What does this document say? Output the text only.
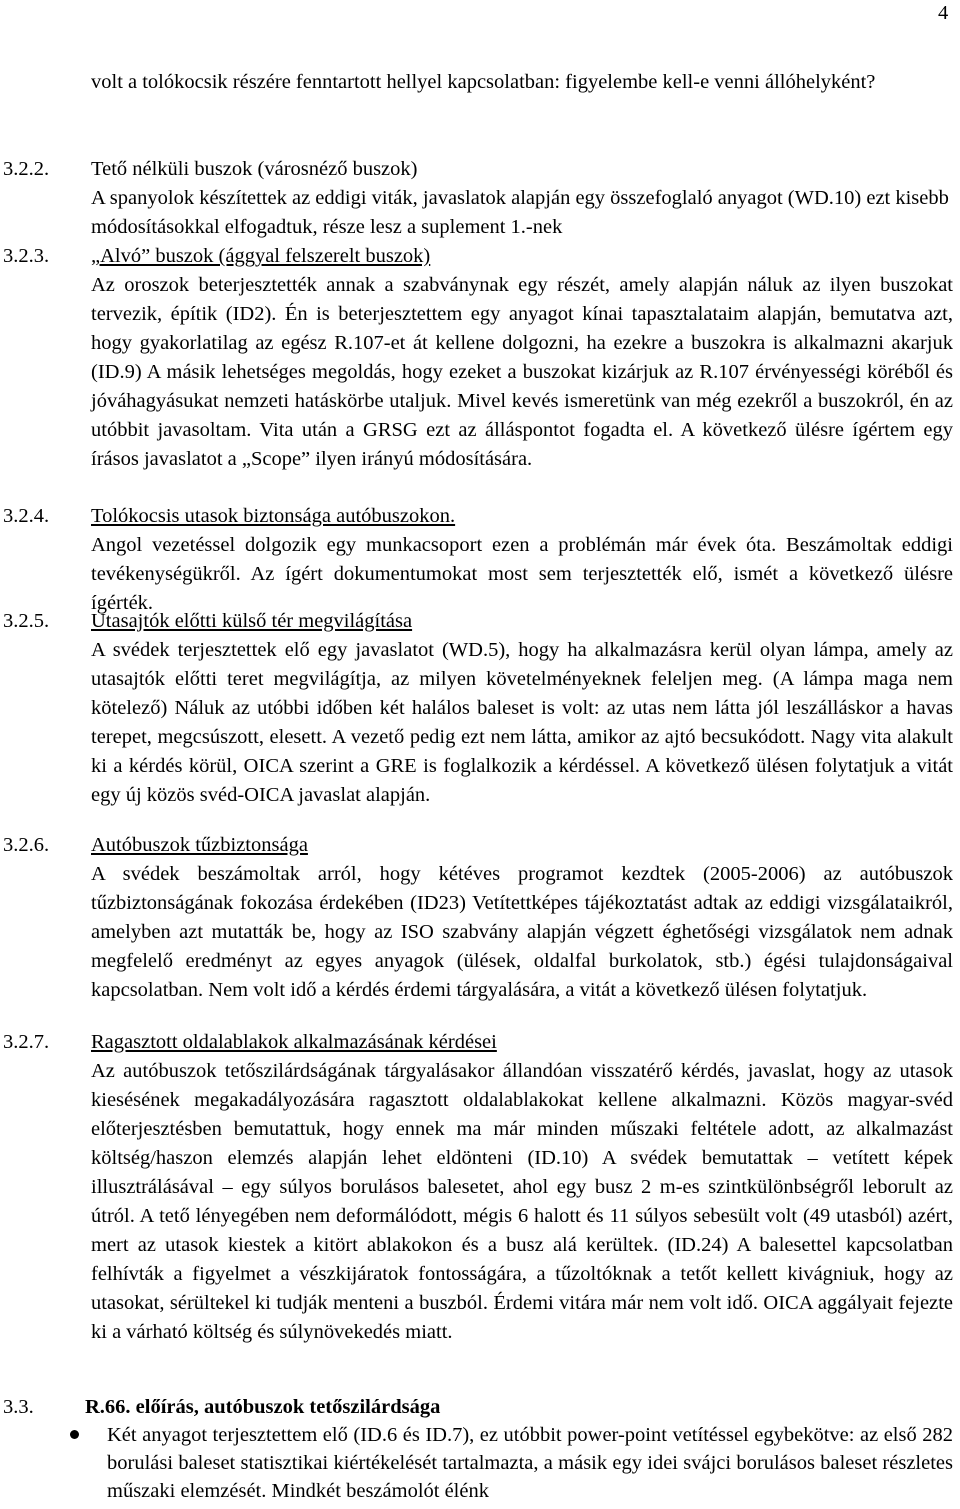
4
volt a tolókocsik részére fenntartott hellyel kapcsolatban: figyelembe kell-e venni állóhelyként?
3.2.2. Tető nélküli buszok (városnéző buszok)

A spanyolok készítettek az eddigi viták, javaslatok alapján egy összefoglaló anyagot (WD.10) ezt kisebb módosításokkal elfogadtuk, része lesz a suplement 1.-nek

3.2.3. „Alvó” buszok (ággyal felszerelt buszok)

Az oroszok beterjesztették annak a szabványnak egy részét, amely alapján náluk az ilyen buszokat tervezik, építik (ID2). Én is beterjesztettem egy anyagot kínai tapasztalataim alapján, bemutatva azt, hogy gyakorlatilag az egész R.107-et át kellene dolgozni, ha ezekre a buszokra is alkalmazni akarjuk (ID.9) A másik lehetséges megoldás, hogy ezeket a buszokat kizárjuk az R.107 érvényességi köréből és jóváhagyásukat nemzeti hatáskörbe utaljuk. Mivel kevés ismeretünk van még ezekről a buszokról, én az utóbbit javasoltam. Vita után a GRSG ezt az álláspontot fogadta el. A következő ülésre ígértem egy írásos javaslatot a „Scope” ilyen irányú módosítására.

3.2.4. Tolókocsis utasok biztonsága autóbuszokon.

Angol vezetéssel dolgozik egy munkacsoport ezen a problémán már évek óta. Beszámoltak eddigi tevékenységükről. Az ígért dokumentumokat most sem terjesztették elő, ismét a következő ülésre ígérték.

3.2.5. Utasajtók előtti külső tér megvilágítása

A svédek terjesztettek elő egy javaslatot (WD.5), hogy ha alkalmazásra kerül olyan lámpa, amely az utasajtók előtti teret megvilágítja, az milyen követelményeknek feleljen meg. (A lámpa maga nem kötelező) Náluk az utóbbi időben két halálos baleset is volt: az utas nem látta jól leszálláskor a havas terepet, megcsúszott, elesett. A vezető pedig ezt nem látta, amikor az ajtó becsukódott. Nagy vita alakult ki a kérdés körül, OICA szerint a GRE is foglalkozik a kérdéssel. A következő ülésen folytatjuk a vitát egy új közös svéd-OICA javaslat alapján.

3.2.6. Autóbuszok tűzbiztonsága

A svédek beszámoltak arról, hogy kétéves programot kezdtek (2005-2006) az autóbuszok tűzbiztonságának fokozása érdekében (ID23) Vetítettképes tájékoztatást adtak az eddigi vizsgálataikról, amelyben azt mutatták be, hogy az ISO szabvány alapján végzett éghetőségi vizsgálatok nem adnak megfelelő eredményt az egyes anyagok (ülések, oldalfal burkolatok, stb.) égési tulajdonságaival kapcsolatban. Nem volt idő a kérdés érdemi tárgyalására, a vitát a következő ülésen folytatjuk.

3.2.7. Ragasztott oldalablakok alkalmazásának kérdései

Az autóbuszok tetőszilárdságának tárgyalásakor állandóan visszatérő kérdés, javaslat, hogy az utasok kiesésének megakadályozására ragasztott oldalablakokat kellene alkalmazni. Közös magyar-svéd előterjesztésben bemutattuk, hogy ennek ma már minden műszaki feltétele adott, az alkalmazást költség/haszon elemzés alapján lehet eldönteni (ID.10) A svédek bemutattak – vetített képek illusztrálásával – egy súlyos borulásos balesetet, ahol egy busz 2 m-es szintkülönbségről leborult az útról. A tető lényegében nem deformálódott, mégis 6 halott és 11 súlyos sebesült volt (49 utasból) azért, mert az utasok kiestek a kitört ablakokon és a busz alá kerültek. (ID.24) A balesettel kapcsolatban felhívták a figyelmet a vészkijáratok fontosságára, a tűzoltóknak a tetőt kellett kivágniuk, hogy az utasokat, sérültekel ki tudják menteni a buszból. Érdemi vitára már nem volt idő. OICA aggályait fejezte ki a várható költség és súlynövekedés miatt.

3.3.	R.66. előírás, autóbuszok tetőszilárdsága
Két anyagot terjesztettem elő (ID.6 és ID.7), ez utóbbit power-point vetítéssel egybekötve: az első 282 borulási baleset statisztikai kiértékelését tartalmazta, a másik egy idei svájci borulásos baleset részletes műszaki elemzését. Mindkét beszámolót élénk
